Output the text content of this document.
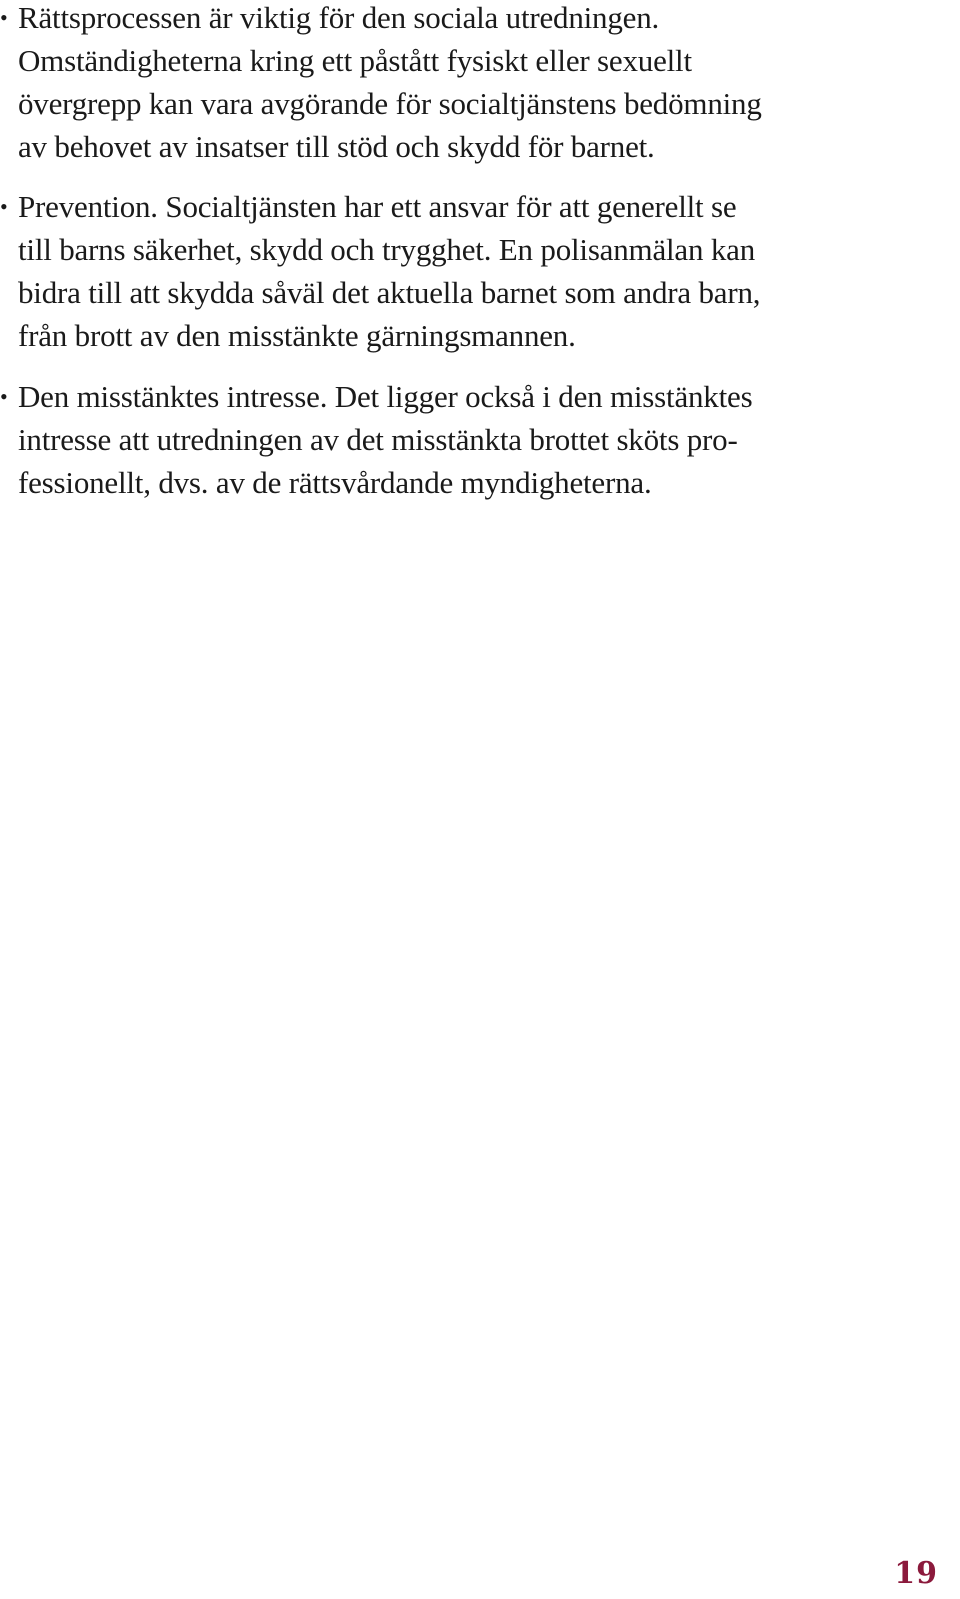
• Rättsprocessen är viktig för den sociala utredningen.
Omständigheterna kring ett påstått fysiskt eller sexuellt
övergrepp kan vara avgörande för socialtjänstens bedömning
av behovet av insatser till stöd och skydd för barnet.
• Prevention. Socialtjänsten har ett ansvar för att generellt se
till barns säkerhet, skydd och trygghet. En polisanmälan kan
bidra till att skydda såväl det aktuella barnet som andra barn,
från brott av den misstänkte gärningsmannen.
• Den misstänktes intresse. Det ligger också i den misstänktes
intresse att utredningen av det misstänkta brottet sköts pro-
fessionellt, dvs. av de rättsvårdande myndigheterna.
19
